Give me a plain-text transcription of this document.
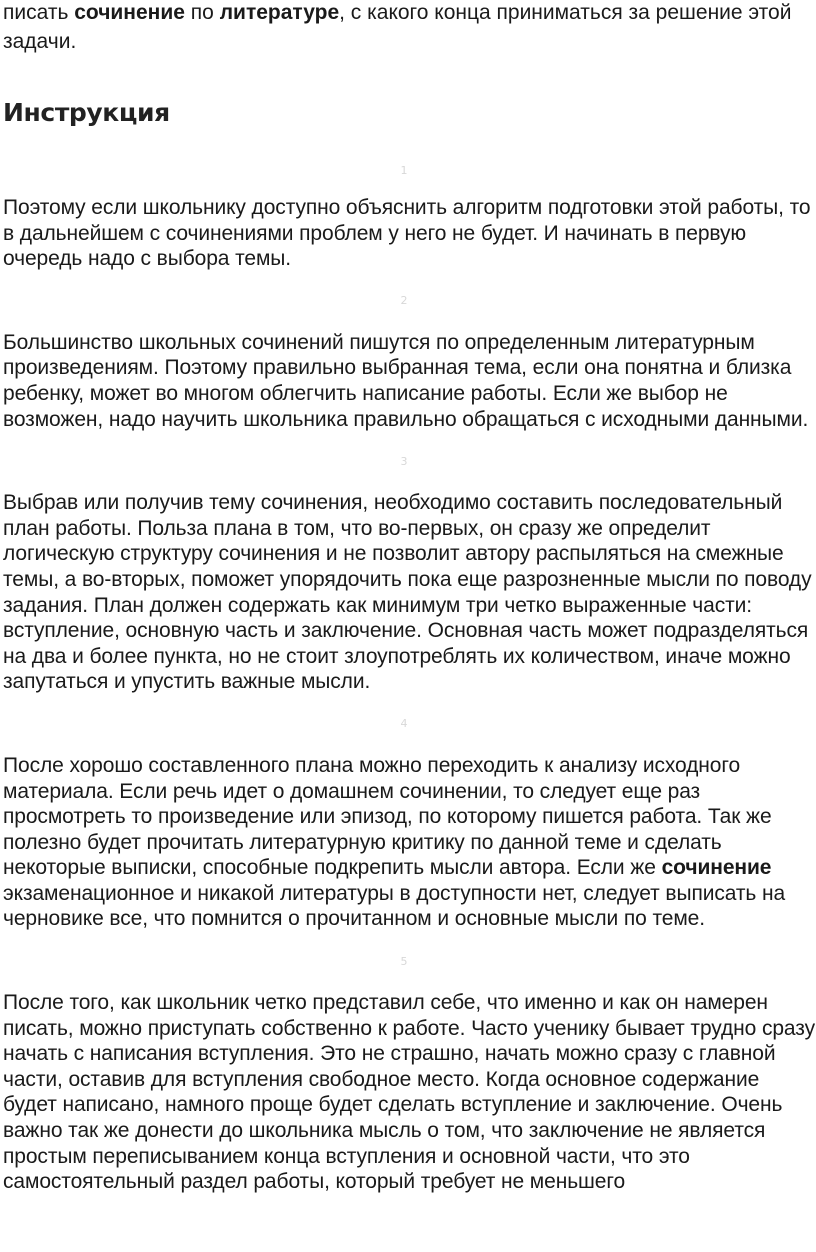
писать сочинение по литературе, с какого конца приниматься за решение этой задачи.

Инструкция
1

Поэтому если школьнику доступно объяснить алгоритм подготовки этой работы, то в дальнейшем с сочинениями проблем у него не будет. И начинать в первую очередь надо с выбора темы.

2

Большинство школьных сочинений пишутся по определенным литературным произведениям. Поэтому правильно выбранная тема, если она понятна и близка ребенку, может во многом облегчить написание работы. Если же выбор не возможен, надо научить школьника правильно обращаться с исходными данными.

3

Выбрав или получив тему сочинения, необходимо составить последовательный план работы. Польза плана в том, что во-первых, он сразу же определит логическую структуру сочинения и не позволит автору распыляться на смежные темы, а во-вторых, поможет упорядочить пока еще разрозненные мысли по поводу задания. План должен содержать как минимум три четко выраженные части: вступление, основную часть и заключение. Основная часть может подразделяться на два и более пункта, но не стоит злоупотреблять их количеством, иначе можно запутаться и упустить важные мысли.

4

После хорошо составленного плана можно переходить к анализу исходного материала. Если речь идет о домашнем сочинении, то следует еще раз просмотреть то произведение или эпизод, по которому пишется работа. Так же полезно будет прочитать литературную критику по данной теме и сделать некоторые выписки, способные подкрепить мысли автора. Если же сочинение экзаменационное и никакой литературы в доступности нет, следует выписать на черновике все, что помнится о прочитанном и основные мысли по теме.

5

После того, как школьник четко представил себе, что именно и как он намерен писать, можно приступать собственно к работе. Часто ученику бывает трудно сразу начать с написания вступления. Это не страшно, начать можно сразу с главной части, оставив для вступления свободное место. Когда основное содержание будет написано, намного проще будет сделать вступление и заключение. Очень важно так же донести до школьника мысль о том, что заключение не является простым переписыванием конца вступления и основной части, что это самостоятельный раздел работы, который требует не меньшего
